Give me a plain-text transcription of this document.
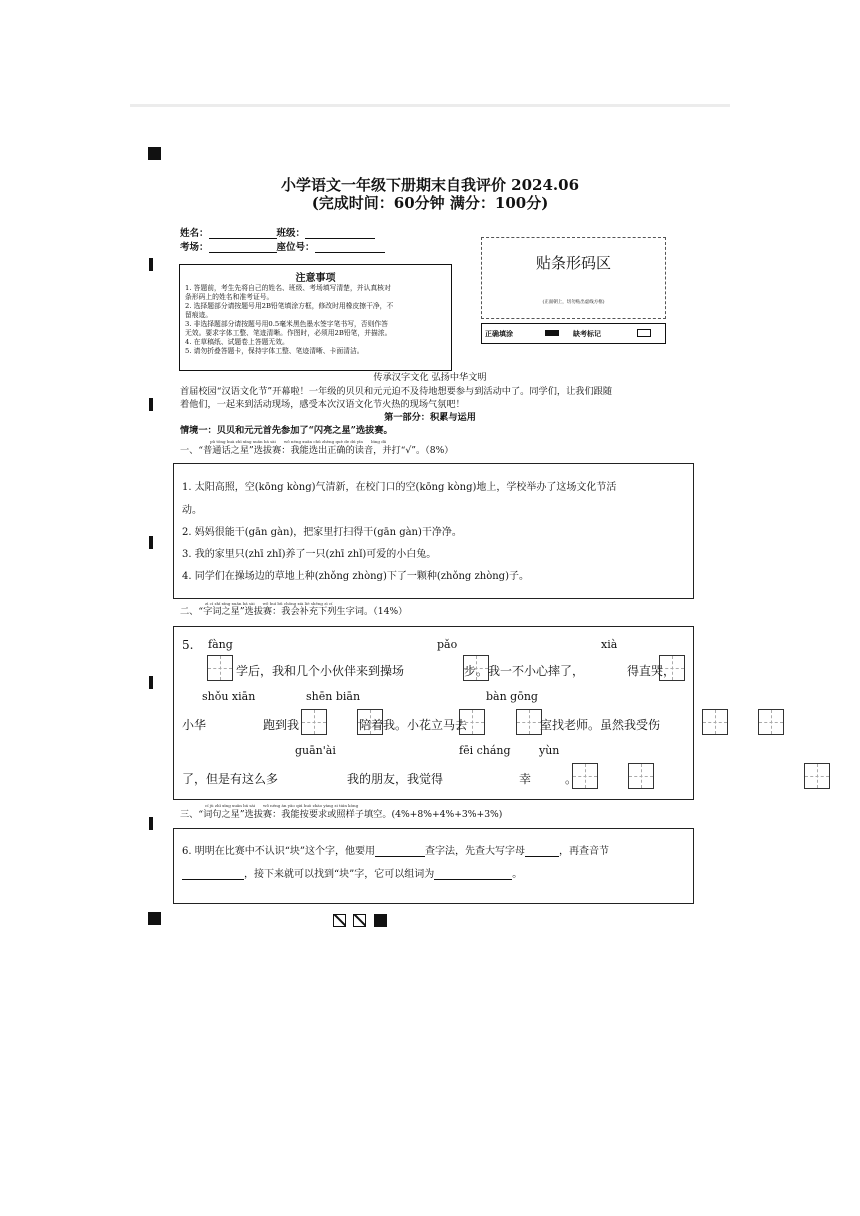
小学语文一年级下册期末自我评价 2024.06
(完成时间：60分钟 满分：100分)
姓名：	班级：
考场：	座位号：
注意事项
1. 答题前，考生先将自己的姓名、班级、考场填写清楚，并认真核对
条形码上的姓名和准考证号。
2. 选择题部分请按题号用2B铅笔填涂方框，修改时用橡皮擦干净，不
留痕迹。
3. 非选择题部分请按题号用0.5毫米黑色墨水签字笔书写，否则作答
无效。要求字体工整、笔迹清晰。作图时，必须用2B铅笔，并描浓。
4. 在草稿纸、试题卷上答题无效。
5. 请勿折叠答题卡，保持字体工整、笔迹清晰、卡面清洁。
贴条形码区
(正面朝上，切勿贴出虚线方框)
正确填涂	缺考标记
传承汉字文化 弘扬中华文明
首届校园“汉语文化节”开幕啦！一年级的贝贝和元元迫不及待地想要参与到活动中了。同学们，让我们跟随
着他们，一起来到活动现场，感受本次汉语文化节火热的现场气氛吧！
第一部分：积累与运用
情境一：贝贝和元元首先参加了“闪亮之星”选拔赛。
pǔ tōng huà zhī xīng xuǎn bá sài　　wǒ néng xuǎn chū zhèng què de dú yīn　　bìng dǎ
一、“普通话之星”选拔赛：我能选出正确的读音，并打“√”。（8%）
1. 太阳高照，空(kōng kòng)气清新，在校门口的空(kōng kòng)地上，学校举办了这场文化节活
动。
2. 妈妈很能干(gān gàn)，把家里打扫得干(gān gàn)干净净。
3. 我的家里只(zhī zhǐ)养了一只(zhī zhǐ)可爱的小白兔。
4. 同学们在操场边的草地上种(zhǒng zhòng)下了一颗种(zhǒng zhòng)子。
zì cí zhī xīng xuǎn bá sài　　wǒ huì bǔ chōng xià liè shēng zì cí
二、“字词之星”选拔赛：我会补充下列生字词。（14%）
5. fàng

学后，我和几个小伙伴来到操场
pǎo

步。我一不小心摔了，
xià

得直哭，
shǒu xiān
小华
	跑到我
shēn biān

陪着我。小花立马去
bàn gōng

室找老师。虽然我受伤
了，但是有这么多
guān'ài

我的朋友，我觉得
fēi cháng

幸
yùn
。
cí jù zhī xīng xuǎn bá sài　　wǒ néng àn yāo qiú huò zhào yàng zi tián kòng
三、“词句之星”选拔赛：我能按要求或照样子填空。(4%+8%+4%+3%+3%)
6. 明明在比赛中不认识“块”这个字，他要用	查字法，先查大写字母	，再查音节
，接下来就可以找到“块”字，它可以组词为	。
